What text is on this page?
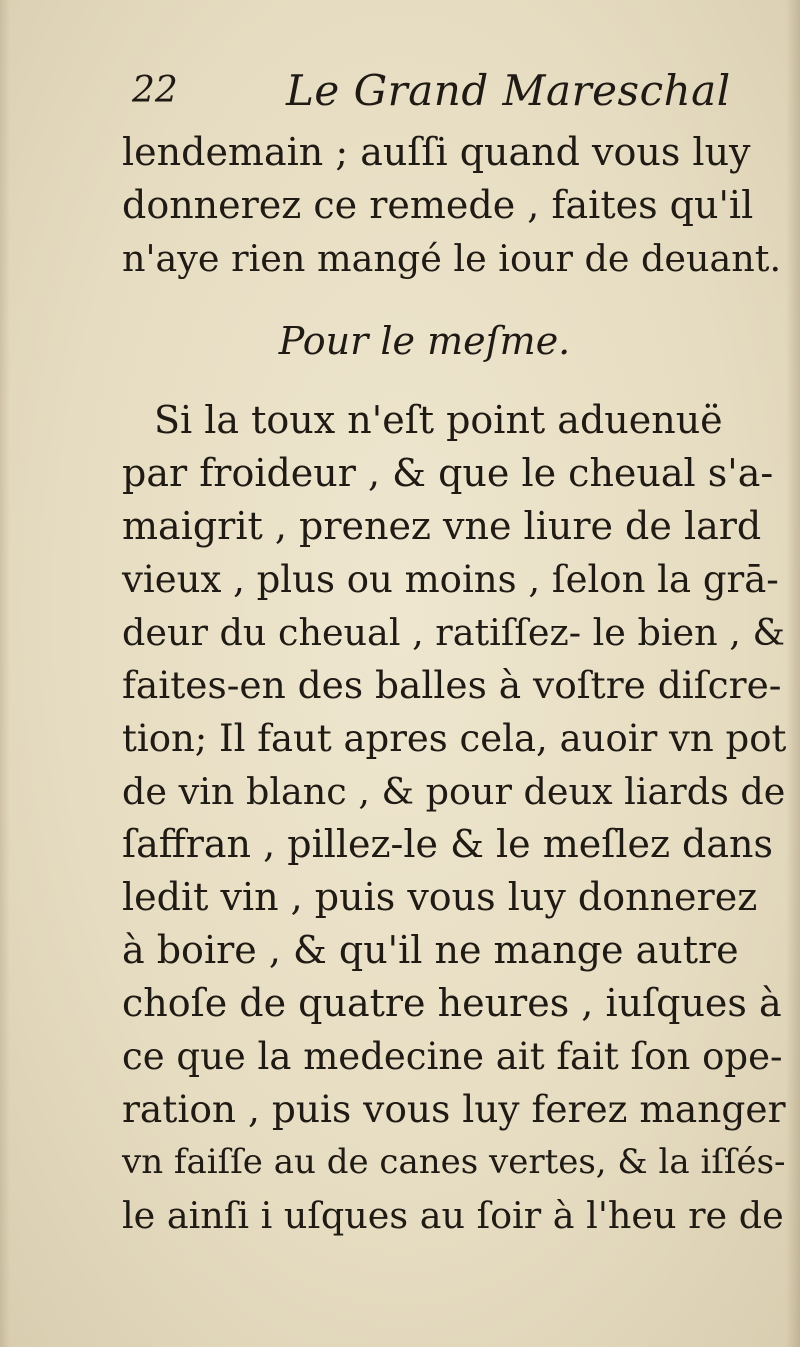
22	Le Grand Mareschal
lendemain ; auſſi quand vous luy
donnerez ce remede , faites qu'il
n'aye rien mangé le iour de deuant.
Pour le meſme.
Si la toux n'eſt point aduenuë
par froideur , & que le cheual s'a-
maigrit , prenez vne liure de lard
vieux , plus ou moins , ſelon la grā-
deur du cheual , ratiſſez- le bien , &
faites-en des balles à voſtre diſcre-
tion; Il faut apres cela, auoir vn pot
de vin blanc , & pour deux liards de
ſaffran , pillez-le & le meſlez dans
ledit vin , puis vous luy donnerez
à boire , & qu'il ne mange autre
choſe de quatre heures , iuſques à
ce que la medecine ait fait ſon ope-
ration , puis vous luy ferez manger
vn faiſſe au de canes vertes, & la iſſés-
le ainſi i uſques au ſoir à l'heu re de
